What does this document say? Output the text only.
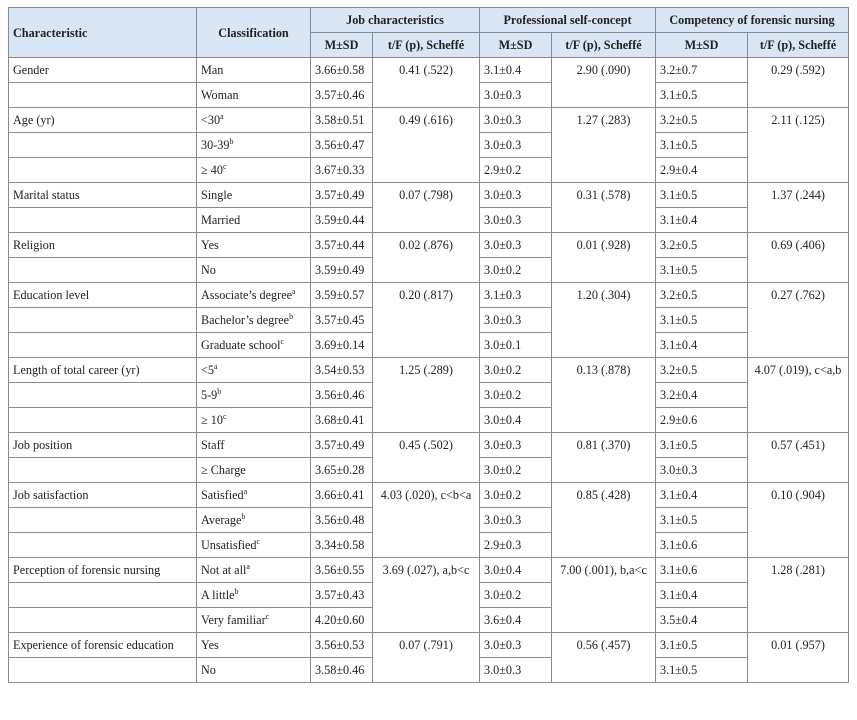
Characteristic	Classification	Job characteristics		Professional self-concept		Competency of forensic nursing	
		M±SD	t/F (p), Scheffé	M±SD	t/F (p), Scheffé	M±SD	t/F (p), Scheffé
Gender	Man	3.66±0.58	0.41 (.522)	3.1±0.4	2.90 (.090)	3.2±0.7	0.29 (.592)
	Woman	3.57±0.46		3.0±0.3		3.1±0.5	
Age (yr)	$<30^a$	3.58±0.51	0.49 (.616)	3.0±0.3	1.27 (.283)	3.2±0.5	2.11 (.125)
	30-39$^b$	3.56±0.47		3.0±0.3		3.1±0.5	
	≥ $40^c$	3.67±0.33		2.9±0.2		2.9±0.4	
Marital status	Single	3.57±0.49	0.07 (.798)	3.0±0.3	0.31 (.578)	3.1±0.5	1.37 (.244)
	Married	3.59±0.44		3.0±0.3		3.1±0.4	
Religion	Yes	3.57±0.44	0.02 (.876)	3.0±0.3	0.01 (.928)	3.2±0.5	0.69 (.406)
	No	3.59±0.49		3.0±0.2		3.1±0.5	
Education level	Associate’s degree$^a$	3.59±0.57	0.20 (.817)	3.1±0.3	1.20 (.304)	3.2±0.5	0.27 (.762)
	Bachelor’s degree$^b$	3.57±0.45		3.0±0.3		3.1±0.5	
	Graduate school$^c$	3.69±0.14		3.0±0.1		3.1±0.4	
Length of total career (yr)	$<5^a$	3.54±0.53	1.25 (.289)	3.0±0.2	0.13 (.878)	3.2±0.5	4.07 (.019), c<a,b
	5-9$^b$	3.56±0.46		3.0±0.2		3.2±0.4	
	≥ $10^c$	3.68±0.41		3.0±0.4		2.9±0.6	
Job position	Staff	3.57±0.49	0.45 (.502)	3.0±0.3	0.81 (.370)	3.1±0.5	0.57 (.451)
	≥ Charge	3.65±0.28		3.0±0.2		3.0±0.3	
Job satisfaction	Satisfied$^a$	3.66±0.41	4.03 (.020), c<b<a	3.0±0.2	0.85 (.428)	3.1±0.4	0.10 (.904)
	Average$^b$	3.56±0.48		3.0±0.3		3.1±0.5	
	Unsatisfied$^c$	3.34±0.58		2.9±0.3		3.1±0.6	
Perception of forensic nursing	Not at all$^a$	3.56±0.55	3.69 (.027), a,b<c	3.0±0.4	7.00 (.001), b,a<c	3.1±0.6	1.28 (.281)
	A little$^b$	3.57±0.43		3.0±0.2		3.1±0.4	
	Very familiar$^c$	4.20±0.60		3.6±0.4		3.5±0.4	
Experience of forensic education	Yes	3.56±0.53	0.07 (.791)	3.0±0.3	0.56 (.457)	3.1±0.5	0.01 (.957)
	No	3.58±0.46		3.0±0.3		3.1±0.5	
